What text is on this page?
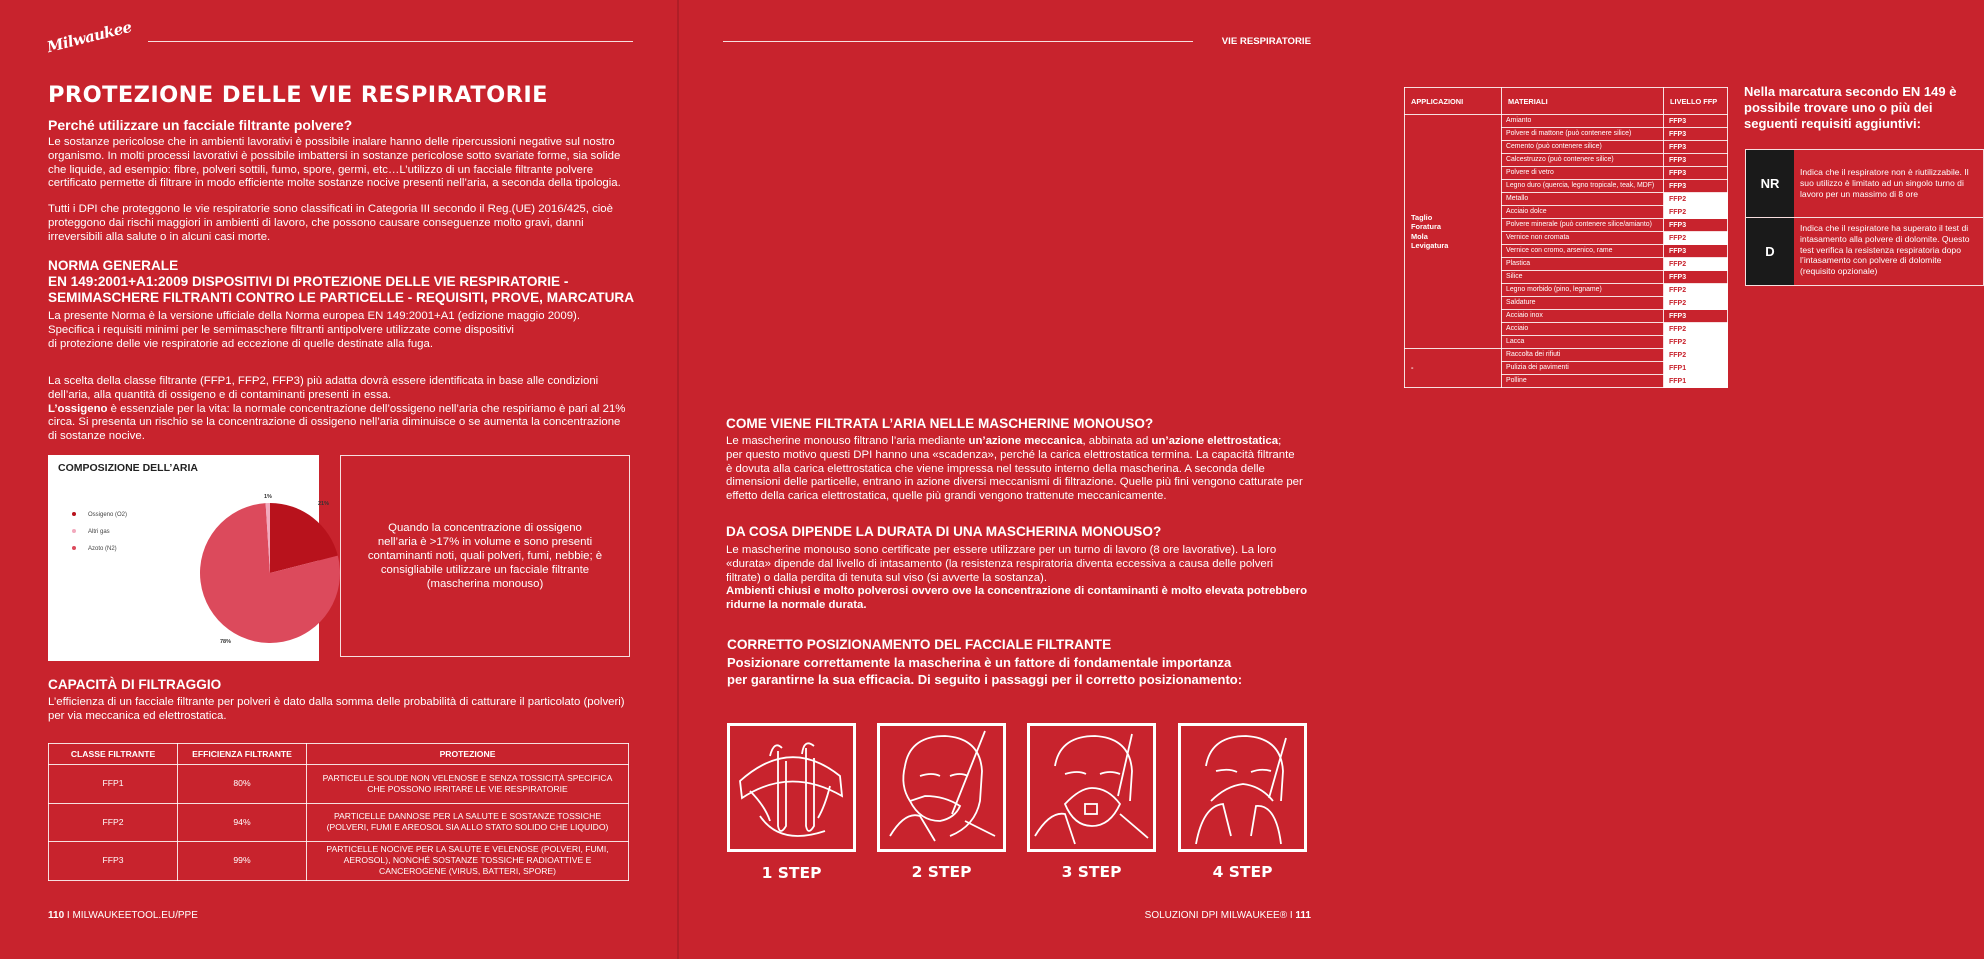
Milwaukee
PROTEZIONE DELLE VIE RESPIRATORIE
Perché utilizzare un facciale filtrante polvere?
Le sostanze pericolose che in ambienti lavorativi è possibile inalare hanno delle ripercussioni negative sul nostro
organismo. In molti processi lavorativi è possibile imbattersi in sostanze pericolose sotto svariate forme, sia solide
che liquide, ad esempio: fibre, polveri sottili, fumo, spore, germi, etc…L’utilizzo di un facciale filtrante polvere
certificato permette di filtrare in modo efficiente molte sostanze nocive presenti nell’aria, a seconda della tipologia.
Tutti i DPI che proteggono le vie respiratorie sono classificati in Categoria III secondo il Reg.(UE) 2016/425, cioè
proteggono dai rischi maggiori in ambienti di lavoro, che possono causare conseguenze molto gravi, danni
irreversibili alla salute o in alcuni casi morte.
NORMA GENERALE
EN 149:2001+A1:2009 DISPOSITIVI DI PROTEZIONE DELLE VIE RESPIRATORIE -
SEMIMASCHERE FILTRANTI CONTRO LE PARTICELLE - REQUISITI, PROVE, MARCATURA
La presente Norma è la versione ufficiale della Norma europea EN 149:2001+A1 (edizione maggio 2009).
Specifica i requisiti minimi per le semimaschere filtranti antipolvere utilizzate come dispositivi
di protezione delle vie respiratorie ad eccezione di quelle destinate alla fuga.
La scelta della classe filtrante (FFP1, FFP2, FFP3) più adatta dovrà essere identificata in base alle condizioni
dell’aria, alla quantità di ossigeno e di contaminanti presenti in essa.
L’ossigeno è essenziale per la vita: la normale concentrazione dell’ossigeno nell’aria che respiriamo è pari al 21%
circa. Si presenta un rischio se la concentrazione di ossigeno nell’aria diminuisce o se aumenta la concentrazione
di sostanze nocive.
COMPOSIZIONE DELL’ARIA
21%
1%
78%
Ossigeno (O2)
Altri gas
Azoto (N2)
Quando la concentrazione di ossigeno nell’aria è >17% in volume e sono presenti contaminanti noti, quali polveri, fumi, nebbie; è consigliabile utilizzare un facciale filtrante (mascherina monouso)
CAPACITÀ DI FILTRAGGIO
L’efficienza di un facciale filtrante per polveri è dato dalla somma delle probabilità di catturare il particolato (polveri)
per via meccanica ed elettrostatica.
CLASSE FILTRANTE	EFFICIENZA FILTRANTE	PROTEZIONE
FFP1	80%	PARTICELLE SOLIDE NON VELENOSE E SENZA TOSSICITÀ SPECIFICA CHE POSSONO IRRITARE LE VIE RESPIRATORIE
FFP2	94%	PARTICELLE DANNOSE PER LA SALUTE E SOSTANZE TOSSICHE (POLVERI, FUMI E AREOSOL SIA ALLO STATO SOLIDO CHE LIQUIDO)
FFP3	99%	PARTICELLE NOCIVE PER LA SALUTE E VELENOSE (POLVERI, FUMI, AEROSOL), NONCHÉ SOSTANZE TOSSICHE RADIOATTIVE E CANCEROGENE (VIRUS, BATTERI, SPORE)
110 I MILWAUKEETOOL.EU/PPE
VIE RESPIRATORIE
APPLICAZIONI	MATERIALI	LIVELLO FFP

Taglio
Foratura
Mola
Levigatura	Amianto	FFP3
	Polvere di mattone (può contenere silice)	FFP3
	Cemento (può contenere silice)	FFP3
	Calcestruzzo (può contenere silice)	FFP3
	Polvere di vetro	FFP3
	Legno duro (quercia, legno tropicale, teak, MDF)	FFP3
	Metallo	FFP2
	Acciaio dolce	FFP2
	Polvere minerale (può contenere silice/amianto)	FFP3
	Vernice non cromata	FFP2
	Vernice con cromo, arsenico, rame	FFP3
	Plastica	FFP2
	Silice	FFP3
	Legno morbido (pino, legname)	FFP2
	Saldature	FFP2
	Acciaio inox	FFP3
	Acciaio	FFP2
	Lacca	FFP2
-	Raccolta dei rifiuti	FFP2
	Pulizia dei pavimenti	FFP1
	Polline	FFP1
Nella marcatura secondo EN 149 è possibile trovare uno o più dei seguenti requisiti aggiuntivi:
NR
Indica che il respiratore non è riutilizzabile. Il suo utilizzo è limitato ad un singolo turno di lavoro per un massimo di 8 ore
D
Indica che il respiratore ha superato il test di intasamento alla polvere di dolomite. Questo test verifica la resistenza respiratoria dopo l’intasamento con polvere di dolomite (requisito opzionale)
COME VIENE FILTRATA L’ARIA NELLE MASCHERINE MONOUSO?
Le mascherine monouso filtrano l’aria mediante un’azione meccanica, abbinata ad un’azione elettrostatica;
per questo motivo questi DPI hanno una «scadenza», perché la carica elettrostatica termina. La capacità filtrante
è dovuta alla carica elettrostatica che viene impressa nel tessuto interno della mascherina. A seconda delle
dimensioni delle particelle, entrano in azione diversi meccanismi di filtrazione. Quelle più fini vengono catturate per
effetto della carica elettrostatica, quelle più grandi vengono trattenute meccanicamente.
DA COSA DIPENDE LA DURATA DI UNA MASCHERINA MONOUSO?
Le mascherine monouso sono certificate per essere utilizzare per un turno di lavoro (8 ore lavorative). La loro
«durata» dipende dal livello di intasamento (la resistenza respiratoria diventa eccessiva a causa delle polveri
filtrate) o dalla perdita di tenuta sul viso (si avverte la sostanza).
Ambienti chiusi e molto polverosi ovvero ove la concentrazione di contaminanti è molto elevata potrebbero
ridurne la normale durata.
CORRETTO POSIZIONAMENTO DEL FACCIALE FILTRANTE
Posizionare correttamente la mascherina è un fattore di fondamentale importanza
per garantirne la sua efficacia. Di seguito i passaggi per il corretto posizionamento:
1 STEP	2 STEP	3 STEP	4 STEP
SOLUZIONI DPI MILWAUKEE® I 111
